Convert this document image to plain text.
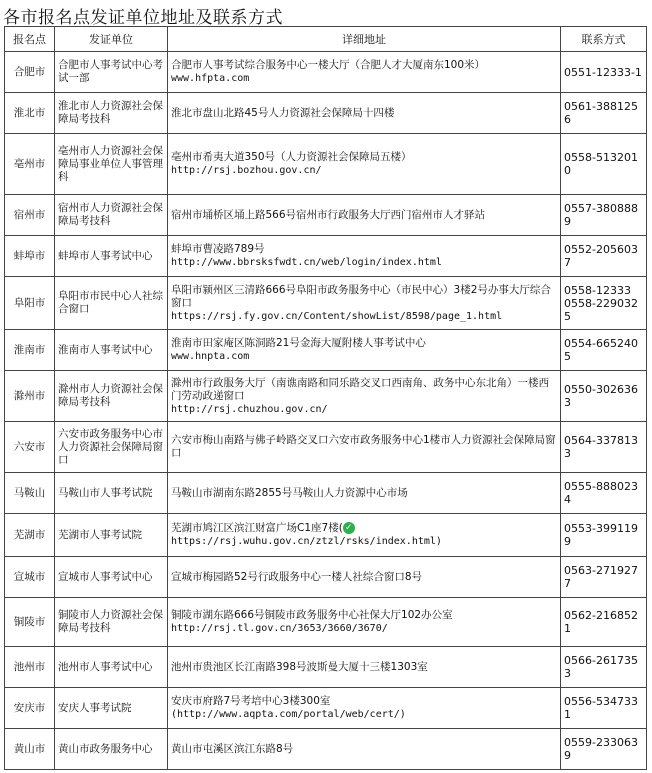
各市报名点发证单位地址及联系方式
报名点	发证单位	详细地址	联系方式
合肥市	合肥市人事考试中心考试一部	合肥市人事考试综合服务中心一楼大厅（合肥人才大厦南东100米）
www.hfpta.com	0551-12333-1

淮北市	淮北市人力资源社会保障局考技科	淮北市盘山北路45号人力资源社会保障局十四楼	0561-3881256

亳州市	亳州市人力资源社会保障局事业单位人事管理科	亳州市希夷大道350号（人力资源社会保障局五楼）
http://rsj.bozhou.gov.cn/	0558-5132010

宿州市	宿州市人力资源社会保障局考技科	宿州市埇桥区埇上路566号宿州市行政服务大厅西门宿州市人才驿站	0557-3808889

蚌埠市	蚌埠市人事考试中心	蚌埠市曹凌路789号
http://www.bbrsksfwdt.cn/web/login/index.html	0552-2056037

阜阳市	阜阳市市民中心人社综合窗口	阜阳市颍州区三清路666号阜阳市政务服务中心（市民中心）3楼2号办事大厅综合窗口
https://rsj.fy.gov.cn/Content/showList/8598/page_1.html	0558-12333
0558-2290325

淮南市	淮南市人事考试中心	淮南市田家庵区陈洞路21号金海大厦附楼人事考试中心
www.hnpta.com	0554-6652405

滁州市	滁州市人力资源社会保障局考技科	滁州市行政服务大厅（南谯南路和同乐路交叉口西南角、政务中心东北角）一楼西门劳动政递窗口
http://rsj.chuzhou.gov.cn/	0550-3026363

六安市	六安市政务服务中心市人力资源社会保障局窗口	六安市梅山南路与佛子岭路交叉口六安市政务服务中心1楼市人力资源社会保障局窗口	0564-3378133

马鞍山	马鞍山市人事考试院	马鞍山市湖南东路2855号马鞍山人力资源中心市场	0555-8880234

芜湖市	芜湖市人事考试院	芜湖市鸠江区滨江财富广场C1座7楼( ✓
https://rsj.wuhu.gov.cn/ztzl/rsks/index.html)	0553-3991199

宣城市	宣城市人事考试中心	宣城市梅园路52号行政服务中心一楼人社综合窗口8号	0563-2719277

铜陵市	铜陵市人力资源社会保障局考技科	铜陵市湖东路666号铜陵市政务服务中心社保大厅102办公室
http://rsj.tl.gov.cn/3653/3660/3670/	0562-2168521

池州市	池州市人事考试中心	池州市贵池区长江南路398号波斯曼大厦十三楼1303室	0566-2617353

安庆市	安庆人事考试院	安庆市府路7号考培中心3楼300室
(http://www.aqpta.com/portal/web/cert/)	0556-5347331

黄山市	黄山市政务服务中心	黄山市屯溪区滨江东路8号	0559-2330639
